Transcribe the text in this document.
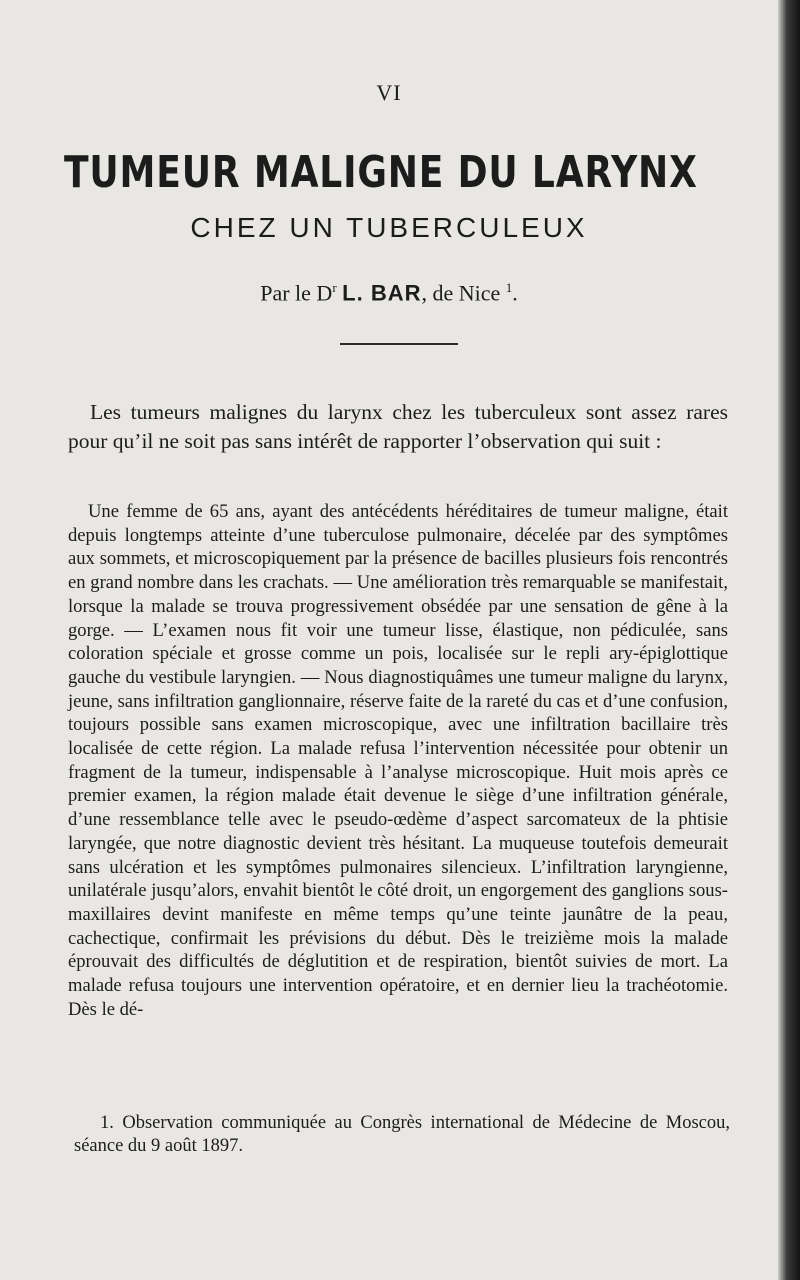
VI
TUMEUR MALIGNE DU LARYNX
CHEZ UN TUBERCULEUX
Par le $D^r$ L. BAR, de Nice $^1$.

Les tumeurs malignes du larynx chez les tuberculeux sont assez rares pour qu’il ne soit pas sans intérêt de rapporter l’observation qui suit :

Une femme de 65 ans, ayant des antécédents héréditaires de tumeur maligne, était depuis longtemps atteinte d’une tuberculose pulmonaire, décelée par des symptômes aux sommets, et microscopiquement par la présence de bacilles plusieurs fois rencontrés en grand nombre dans les crachats. — Une amélioration très remarquable se manifestait, lorsque la malade se trouva progressivement obsédée par une sensation de gêne à la gorge. — L’examen nous fit voir une tumeur lisse, élastique, non pédiculée, sans coloration spéciale et grosse comme un pois, localisée sur le repli ary-épiglottique gauche du vestibule laryngien. — Nous diagnostiquâmes une tumeur maligne du larynx, jeune, sans infiltration ganglionnaire, réserve faite de la rareté du cas et d’une confusion, toujours possible sans examen microscopique, avec une infiltration bacillaire très localisée de cette région. La malade refusa l’intervention nécessitée pour obtenir un fragment de la tumeur, indispensable à l’analyse microscopique. Huit mois après ce premier examen, la région malade était devenue le siège d’une infiltration générale, d’une ressemblance telle avec le pseudo-œdème d’aspect sarcomateux de la phtisie laryngée, que notre diagnostic devient très hésitant. La muqueuse toutefois demeurait sans ulcération et les symptômes pulmonaires silencieux. L’infiltration laryngienne, unilatérale jusqu’alors, envahit bientôt le côté droit, un engorgement des ganglions sous-maxillaires devint manifeste en même temps qu’une teinte jaunâtre de la peau, cachectique, confirmait les prévisions du début. Dès le treizième mois la malade éprouvait des difficultés de déglutition et de respiration, bientôt suivies de mort. La malade refusa toujours une intervention opératoire, et en dernier lieu la trachéotomie. Dès le dé-

1. Observation communiquée au Congrès international de Médecine de Moscou, séance du 9 août 1897.
